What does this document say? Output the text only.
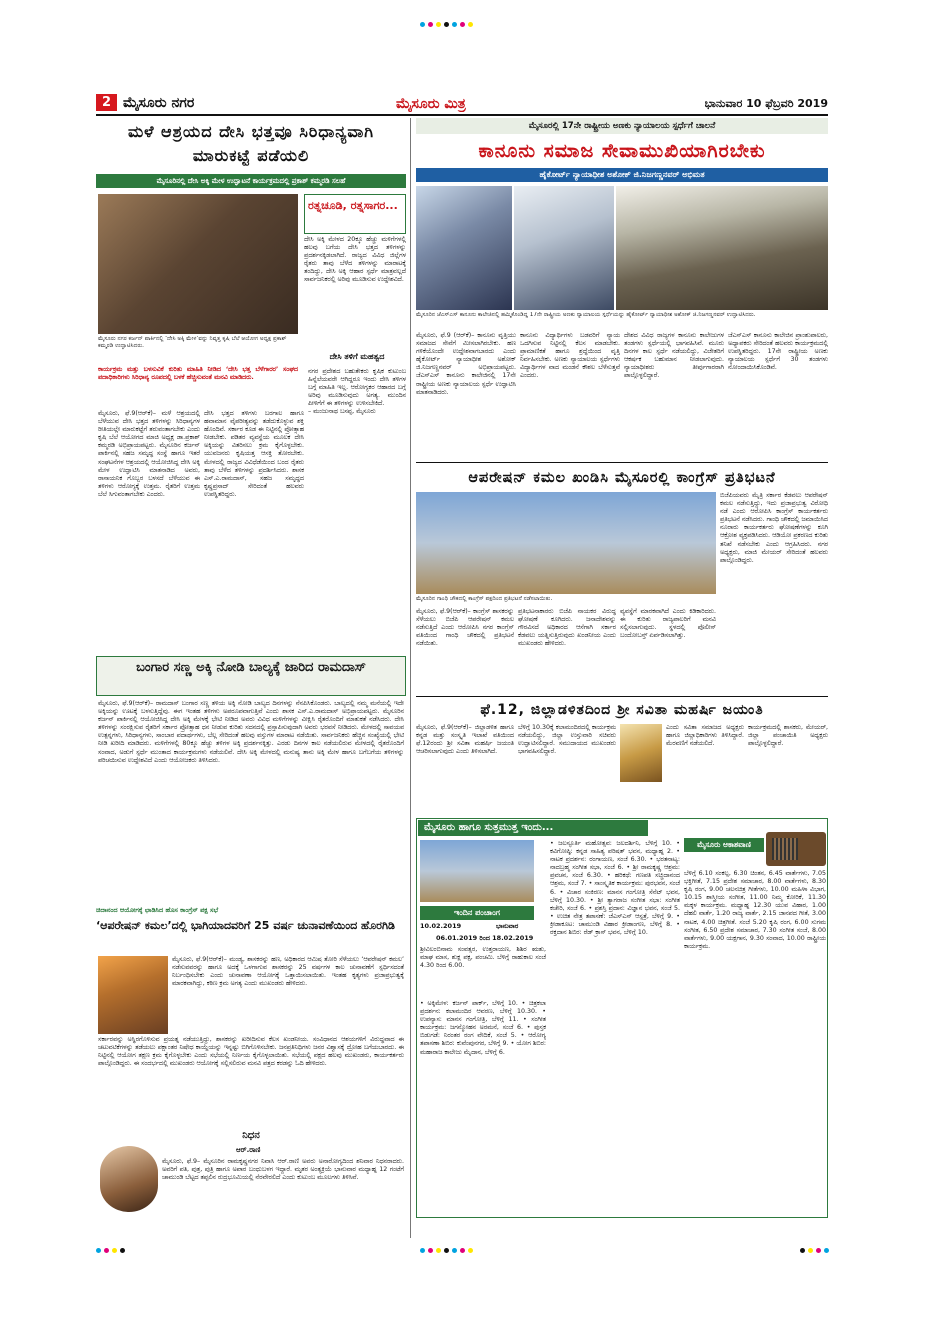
2 ಮೈಸೂರು ನಗರ	ಮೈಸೂರು ಮಿತ್ರ	ಭಾನುವಾರ 10 ಫೆಬ್ರವರಿ 2019
ಮಳೆ ಆಶ್ರಯದ ದೇಸಿ ಭತ್ತವೂ ಸಿರಿಧಾನ್ಯವಾಗಿ ಮಾರುಕಟ್ಟೆ ಪಡೆಯಲಿ
ಮೈಸೂರಿನಲ್ಲಿ ದೇಸಿ ಅಕ್ಕಿ ಮೇಳ ಉದ್ಘಾಟನೆ ಕಾರ್ಯಕ್ರಮದಲ್ಲಿ ಪ್ರಕಾಶ್ ಕಮ್ಮರಡಿ ಸಲಹೆ
ಮೈಸೂರು ನಗರ ಕರ್ಜನ್ ಪಾರ್ಕಿನಲ್ಲಿ ‘ದೇಸಿ ಅಕ್ಕಿ ಮೇಳ’ವನ್ನು ನಿವೃತ್ತ ಕೃಷಿ ಬೆಲೆ ಆಯೋಗ ಅಧ್ಯಕ್ಷ ಪ್ರಕಾಶ್ ಕಮ್ಮರಡಿ ಉದ್ಘಾಟಿಸಿದರು.
ರತ್ನಚೂಡಿ, ರತ್ನಸಾಗರ...
ದೇಸಿ ಅಕ್ಕಿ ಮೇಳದ 20ಕ್ಕೂ ಹೆಚ್ಚು ಮಳಿಗೆಗಳಲ್ಲಿ ಹಲವು ಬಗೆಯ ದೇಸಿ ಭತ್ತದ ತಳಿಗಳನ್ನು ಪ್ರದರ್ಶನಕ್ಕಿಡಲಾಗಿದೆ. ರಾಜ್ಯದ ವಿವಿಧ ಜಿಲ್ಲೆಗಳ ರೈತರು ತಾವು ಬೆಳೆದ ತಳಿಗಳನ್ನು ಮಾರಾಟಕ್ಕೆ ತಂದಿದ್ದು, ದೇಸಿ ಅಕ್ಕಿ ಆಹಾರ ಸ್ಪರ್ಧೆ ಮಾತ್ರವಲ್ಲದೆ ಸಾರ್ವಜನಿಕರಲ್ಲಿ ಅರಿವು ಮೂಡಿಸುವ ಉದ್ದೇಶವಿದೆ.
ಕಾರ್ಯಕ್ರಮ ಮತ್ತು ಬಳಸುವಿಕೆ ಕುರಿತು ಮಾಹಿತಿ ನೀಡಿದ ‘ದೇಸಿ ಭತ್ತ ಬೆಳೆಗಾರರ’ ಸಂಘದ ಪದಾಧಿಕಾರಿಗಳು ಸಿರಿಧಾನ್ಯ ರೂಪದಲ್ಲಿ ಬಳಕೆ ಹೆಚ್ಚಿಸುವಂತೆ ಮನವಿ ಮಾಡಿದರು.
ಮೈಸೂರು, ಫೆ.9(ಆರ್‌ಕೆ)– ಮಳೆ ಆಶ್ರಯದಲ್ಲಿ ಬೆಳೆಯುವ ದೇಸಿ ಭತ್ತದ ತಳಿಗಳನ್ನು ಸಿರಿಧಾನ್ಯಗಳ ರೀತಿಯಲ್ಲೇ ಮಾರುಕಟ್ಟೆಗೆ ತರುವಂತಾಗಬೇಕು ಎಂದು ಕೃಷಿ ಬೆಲೆ ಆಯೋಗದ ಮಾಜಿ ಅಧ್ಯಕ್ಷ ಡಾ.ಪ್ರಕಾಶ್ ಕಮ್ಮರಡಿ ಅಭಿಪ್ರಾಯಪಟ್ಟರು. ಮೈಸೂರಿನ ಕರ್ಜನ್ ಪಾರ್ಕಿನಲ್ಲಿ ಸಹಜ ಸಮೃದ್ಧ ಸಂಸ್ಥೆ ಹಾಗೂ ಇತರೆ ಸಂಘಟನೆಗಳ ಆಶ್ರಯದಲ್ಲಿ ಆಯೋಜಿಸಿದ್ದ ದೇಸಿ ಅಕ್ಕಿ ಮೇಳ ಉದ್ಘಾಟಿಸಿ ಮಾತನಾಡಿದ ಅವರು, ರಾಸಾಯನಿಕ ಗೊಬ್ಬರ ಬಳಸದೆ ಬೆಳೆಯುವ ಈ ತಳಿಗಳು ಆರೋಗ್ಯಕ್ಕೆ ಉತ್ತಮ. ರೈತರಿಗೆ ಉತ್ತಮ ಬೆಲೆ ಸಿಗುವಂತಾಗಬೇಕು ಎಂದರು.
ದೇಸಿ ಭತ್ತದ ತಳಿಗಳು ಬರಗಾಲ ಹಾಗೂ ಹವಾಮಾನ ವೈಪರೀತ್ಯವನ್ನು ತಡೆದುಕೊಳ್ಳುವ ಶಕ್ತಿ ಹೊಂದಿವೆ. ಸರ್ಕಾರ ಕೂಡ ಈ ನಿಟ್ಟಿನಲ್ಲಿ ಪ್ರೋತ್ಸಾಹ ನೀಡಬೇಕು. ಪಡಿತರ ವ್ಯವಸ್ಥೆಯ ಮೂಲಕ ದೇಸಿ ಅಕ್ಕಿಯನ್ನು ವಿತರಿಸಲು ಕ್ರಮ ಕೈಗೊಳ್ಳಬೇಕು. ಯುವಜನರು ಕೃಷಿಯತ್ತ ಆಸಕ್ತಿ ತೋರಬೇಕು. ಮೇಳದಲ್ಲಿ ರಾಜ್ಯದ ವಿವಿಧೆಡೆಯಿಂದ ಬಂದ ರೈತರು ತಾವು ಬೆಳೆದ ತಳಿಗಳನ್ನು ಪ್ರದರ್ಶಿಸಿದರು. ಶಾಸಕ ಎಸ್.ಎ.ರಾಮದಾಸ್, ಸಹಜ ಸಮೃದ್ಧದ ಕೃಷ್ಣಪ್ರಸಾದ್ ಸೇರಿದಂತೆ ಹಲವರು ಉಪಸ್ಥಿತರಿದ್ದರು.
ದೇಸಿ ತಳಿಗೆ ಮಹತ್ವದ
ನಗರ ಪ್ರದೇಶದ ಬಹುತೇಕರು ಕೃಷಿಕ ಕುಟುಂಬ ಹಿನ್ನೆಲೆಯವರೇ ಆಗಿದ್ದರೂ ಇಂದು ದೇಸಿ ತಳಿಗಳ ಬಗ್ಗೆ ಮಾಹಿತಿ ಇಲ್ಲ. ಆರೋಗ್ಯಕರ ಆಹಾರದ ಬಗ್ಗೆ ಅರಿವು ಮೂಡಿಸುವುದು ಅಗತ್ಯ. ಮುಂದಿನ ಪೀಳಿಗೆಗೆ ಈ ತಳಿಗಳನ್ನು ಉಳಿಸಬೇಕಿದೆ.
– ಮಂಜುನಾಥ ಬಸಪ್ಪ, ಮೈಸೂರು
ಬಂಗಾರ ಸಣ್ಣ ಅಕ್ಕಿ ನೋಡಿ ಬಾಲ್ಯಕ್ಕೆ ಜಾರಿದ ರಾಮದಾಸ್
ಮೈಸೂರು, ಫೆ.9(ಆರ್‌ಕೆ)– ರಾಮದಾಸ್ ಬಂಗಾರ ಸಣ್ಣ ತಳಿಯ ಅಕ್ಕಿ ನೋಡಿ ಬಾಲ್ಯದ ದಿನಗಳನ್ನು ನೆನಪಿಸಿಕೊಂಡರು. ಬಾಲ್ಯದಲ್ಲಿ ನಮ್ಮ ಮನೆಯಲ್ಲಿ ಇದೇ ಅಕ್ಕಿಯನ್ನು ಊಟಕ್ಕೆ ಬಳಸುತ್ತಿದ್ದೆವು. ಈಗ ಇಂತಹ ತಳಿಗಳು ಅಪರೂಪವಾಗುತ್ತಿವೆ ಎಂದು ಶಾಸಕ ಎಸ್.ಎ.ರಾಮದಾಸ್ ಅಭಿಪ್ರಾಯಪಟ್ಟರು. ಮೈಸೂರಿನ ಕರ್ಜನ್ ಪಾರ್ಕಿನಲ್ಲಿ ಆಯೋಜಿಸಿದ್ದ ದೇಸಿ ಅಕ್ಕಿ ಮೇಳಕ್ಕೆ ಭೇಟಿ ನೀಡಿದ ಅವರು ವಿವಿಧ ಮಳಿಗೆಗಳನ್ನು ವೀಕ್ಷಿಸಿ ರೈತರೊಂದಿಗೆ ಮಾತುಕತೆ ನಡೆಸಿದರು. ದೇಸಿ ತಳಿಗಳನ್ನು ಸಂರಕ್ಷಿಸುವ ರೈತರಿಗೆ ಸರ್ಕಾರ ಪ್ರೋತ್ಸಾಹ ಧನ ನೀಡುವ ಕುರಿತು ಸದನದಲ್ಲಿ ಪ್ರಸ್ತಾಪಿಸುವುದಾಗಿ ಅವರು ಭರವಸೆ ನೀಡಿದರು. ಮೇಳದಲ್ಲಿ ಸಾವಯವ ಉತ್ಪನ್ನಗಳು, ಸಿರಿಧಾನ್ಯಗಳು, ಸಾಂಬಾರ ಪದಾರ್ಥಗಳು, ಬೆಲ್ಲ ಸೇರಿದಂತೆ ಹಲವು ವಸ್ತುಗಳ ಮಾರಾಟ ನಡೆಯಿತು. ಸಾರ್ವಜನಿಕರು ಹೆಚ್ಚಿನ ಸಂಖ್ಯೆಯಲ್ಲಿ ಭೇಟಿ ನೀಡಿ ಖರೀದಿ ಮಾಡಿದರು. ಮಳಿಗೆಗಳಲ್ಲಿ 80ಕ್ಕೂ ಹೆಚ್ಚು ತಳಿಗಳ ಅಕ್ಕಿ ಪ್ರದರ್ಶನಕ್ಕಿತ್ತು. ಎರಡು ದಿನಗಳ ಕಾಲ ನಡೆಯಲಿರುವ ಮೇಳದಲ್ಲಿ ರೈತರೊಂದಿಗೆ ಸಂವಾದ, ಅಡುಗೆ ಸ್ಪರ್ಧೆ ಮುಂತಾದ ಕಾರ್ಯಕ್ರಮಗಳು ನಡೆಯಲಿವೆ. ದೇಸಿ ಅಕ್ಕಿ ಮೇಳದಲ್ಲಿ ಮನುಷ್ಯ ತಾನು ಅಕ್ಕಿ ಮೇಳ ಹಾಗೂ ಬಗೆಬಗೆಯ ತಳಿಗಳನ್ನು ಪರಿಚಯಿಸುವ ಉದ್ದೇಶವಿದೆ ಎಂದು ಆಯೋಜಕರು ತಿಳಿಸಿದರು.
ಚಿದಾನಂದ ಆಯೋಗಕ್ಕೆ ಛಾಡಿಸಿದ ಹೊಸ ಕಾಂಗ್ರೆಸ್ ಪಕ್ಷ ಸಭೆ
‘ಆಪರೇಷನ್ ಕಮಲ’ದಲ್ಲಿ ಭಾಗಿಯಾದವರಿಗೆ 25 ವರ್ಷ ಚುನಾವಣೆಯಿಂದ ಹೊರಗಿಡಿ
ಮೈಸೂರು, ಫೆ.9(ಆರ್‌ಕೆ)– ಮಂಡ್ಯ, ಶಾಸಕರನ್ನು ಹಣ, ಅಧಿಕಾರದ ಆಮಿಷ ತೋರಿ ಸೆಳೆಯಲು ‘ಆಪರೇಷನ್ ಕಮಲ’ ನಡೆಸುವವರನ್ನು ಹಾಗೂ ಅದಕ್ಕೆ ಒಳಗಾಗುವ ಶಾಸಕರನ್ನು 25 ವರ್ಷಗಳ ಕಾಲ ಚುನಾವಣೆಗೆ ಸ್ಪರ್ಧಿಸದಂತೆ ನಿರ್ಬಂಧಿಸಬೇಕು ಎಂದು ಚುನಾವಣಾ ಆಯೋಗಕ್ಕೆ ಒತ್ತಾಯಿಸಲಾಯಿತು. ಇಂತಹ ಕೃತ್ಯಗಳು ಪ್ರಜಾಪ್ರಭುತ್ವಕ್ಕೆ ಮಾರಕವಾಗಿದ್ದು, ಕಠಿಣ ಕ್ರಮ ಅಗತ್ಯ ಎಂದು ಮುಖಂಡರು ಹೇಳಿದರು.
ಸರ್ಕಾರವನ್ನು ಅಸ್ಥಿರಗೊಳಿಸುವ ಪ್ರಯತ್ನ ನಡೆಯುತ್ತಿದ್ದು, ಶಾಸಕರನ್ನು ಖರೀದಿಸುವ ಕೆಲಸ ಖಂಡನೀಯ. ಸಂವಿಧಾನದ ಆಶಯಗಳಿಗೆ ವಿರುದ್ಧವಾದ ಈ ಚಟುವಟಿಕೆಗಳನ್ನು ತಡೆಯಲು ಪಕ್ಷಾಂತರ ನಿಷೇಧ ಕಾಯ್ದೆಯನ್ನು ಇನ್ನಷ್ಟು ಬಿಗಿಗೊಳಿಸಬೇಕು. ಜನಪ್ರತಿನಿಧಿಗಳು ಜನರ ವಿಶ್ವಾಸಕ್ಕೆ ದ್ರೋಹ ಬಗೆಯಬಾರದು. ಈ ನಿಟ್ಟಿನಲ್ಲಿ ಆಯೋಗ ತಕ್ಷಣ ಕ್ರಮ ಕೈಗೊಳ್ಳಬೇಕು ಎಂದು ಸಭೆಯಲ್ಲಿ ನಿರ್ಣಯ ಕೈಗೊಳ್ಳಲಾಯಿತು. ಸಭೆಯಲ್ಲಿ ಪಕ್ಷದ ಹಲವು ಮುಖಂಡರು, ಕಾರ್ಯಕರ್ತರು ಪಾಲ್ಗೊಂಡಿದ್ದರು. ಈ ಸಂದರ್ಭದಲ್ಲಿ ಮುಖಂಡರು ಆಯೋಗಕ್ಕೆ ಸಲ್ಲಿಸಲಿರುವ ಮನವಿ ಪತ್ರದ ಕರಡನ್ನು ಓದಿ ಹೇಳಿದರು.
ನಿಧನ
ಆರ್.ರಾಣಿ
ಮೈಸೂರು, ಫೆ.9– ಮೈಸೂರಿನ ರಾಮಕೃಷ್ಣನಗರ ನಿವಾಸಿ ಆರ್.ರಾಣಿ ಅವರು ಅನಾರೋಗ್ಯದಿಂದ ಶನಿವಾರ ನಿಧನರಾದರು. ಅವರಿಗೆ ಪತಿ, ಪುತ್ರ, ಪುತ್ರಿ ಹಾಗೂ ಅಪಾರ ಬಂಧುಬಳಗ ಇದ್ದಾರೆ. ಮೃತರ ಅಂತ್ಯಕ್ರಿಯೆ ಭಾನುವಾರ ಮಧ್ಯಾಹ್ನ 12 ಗಂಟೆಗೆ ಚಾಮುಂಡಿ ಬೆಟ್ಟದ ತಪ್ಪಲಿನ ರುದ್ರಭೂಮಿಯಲ್ಲಿ ನೆರವೇರಲಿದೆ ಎಂದು ಕುಟುಂಬ ಮೂಲಗಳು ತಿಳಿಸಿವೆ.
ಮೈಸೂರಲ್ಲಿ 17ನೇ ರಾಷ್ಟ್ರೀಯ ಅಣಕು ನ್ಯಾಯಾಲಯ ಸ್ಪರ್ಧೆಗೆ ಚಾಲನೆ
ಕಾನೂನು ಸಮಾಜ ಸೇವಾಮುಖಿಯಾಗಿರಬೇಕು
ಹೈಕೋರ್ಟ್ ನ್ಯಾಯಾಧೀಶ ಅಶೋಕ್ ಜಿ.ನಿಜಗಣ್ಣನವರ್ ಅಭಿಮತ
ಮೈಸೂರಿನ ಜೆಎಸ್‌ಎಸ್ ಕಾನೂನು ಕಾಲೇಜಿನಲ್ಲಿ ಹಮ್ಮಿಕೊಂಡಿದ್ದ 17ನೇ ರಾಷ್ಟ್ರೀಯ ಅಣಕು ನ್ಯಾಯಾಲಯ ಸ್ಪರ್ಧೆಯನ್ನು ಹೈಕೋರ್ಟ್ ನ್ಯಾಯಾಧೀಶ ಅಶೋಕ್ ಜಿ.ನಿಜಗಣ್ಣನವರ್ ಉದ್ಘಾಟಿಸಿದರು.
ಮೈಸೂರು, ಫೆ.9 (ಆರ್‌ಕೆ)– ಕಾನೂನು ವೃತ್ತಿಯು ಸಮಾಜದ ಸೇವೆಗೆ ಮೀಸಲಾಗಿರಬೇಕು. ಹಣ ಗಳಿಕೆಯೊಂದೇ ಉದ್ದೇಶವಾಗಬಾರದು ಎಂದು ಹೈಕೋರ್ಟ್ ನ್ಯಾಯಾಧೀಶ ಅಶೋಕ್ ಜಿ.ನಿಜಗಣ್ಣನವರ್ ಅಭಿಪ್ರಾಯಪಟ್ಟರು. ಜೆಎಸ್‌ಎಸ್ ಕಾನೂನು ಕಾಲೇಜಿನಲ್ಲಿ 17ನೇ ರಾಷ್ಟ್ರೀಯ ಅಣಕು ನ್ಯಾಯಾಲಯ ಸ್ಪರ್ಧೆ ಉದ್ಘಾಟಿಸಿ ಮಾತನಾಡಿದರು.
ಕಾನೂನು ವಿದ್ಯಾರ್ಥಿಗಳು ಬಡವರಿಗೆ ನ್ಯಾಯ ಒದಗಿಸುವ ನಿಟ್ಟಿನಲ್ಲಿ ಕೆಲಸ ಮಾಡಬೇಕು. ಪ್ರಾಮಾಣಿಕತೆ ಹಾಗೂ ಶ್ರದ್ಧೆಯಿಂದ ವೃತ್ತಿ ನಿರ್ವಹಿಸಬೇಕು. ಅಣಕು ನ್ಯಾಯಾಲಯ ಸ್ಪರ್ಧೆಗಳು ವಿದ್ಯಾರ್ಥಿಗಳ ವಾದ ಮಂಡನೆ ಕೌಶಲ ಬೆಳೆಸುತ್ತವೆ ಎಂದರು.
ದೇಶದ ವಿವಿಧ ರಾಜ್ಯಗಳ ಕಾನೂನು ಕಾಲೇಜುಗಳ ತಂಡಗಳು ಸ್ಪರ್ಧೆಯಲ್ಲಿ ಭಾಗವಹಿಸಿವೆ. ಮೂರು ದಿನಗಳ ಕಾಲ ಸ್ಪರ್ಧೆ ನಡೆಯಲಿದ್ದು, ವಿಜೇತರಿಗೆ ಆಕರ್ಷಕ ಬಹುಮಾನ ನೀಡಲಾಗುವುದು. ನ್ಯಾಯಾಧೀಶರು ತೀರ್ಪುಗಾರರಾಗಿ ಪಾಲ್ಗೊಳ್ಳಲಿದ್ದಾರೆ.
ಜೆಎಸ್‌ಎಸ್ ಕಾನೂನು ಕಾಲೇಜಿನ ಪ್ರಾಂಶುಪಾಲರು, ಅಧ್ಯಾಪಕರು ಸೇರಿದಂತೆ ಹಲವರು ಕಾರ್ಯಕ್ರಮದಲ್ಲಿ ಉಪಸ್ಥಿತರಿದ್ದರು. 17ನೇ ರಾಷ್ಟ್ರೀಯ ಅಣಕು ನ್ಯಾಯಾಲಯ ಸ್ಪರ್ಧೆಗೆ 30 ತಂಡಗಳು ನೋಂದಾಯಿಸಿಕೊಂಡಿವೆ.
ಆಪರೇಷನ್ ಕಮಲ ಖಂಡಿಸಿ ಮೈಸೂರಲ್ಲಿ ಕಾಂಗ್ರೆಸ್ ಪ್ರತಿಭಟನೆ
ಮೈಸೂರಿನ ಗಾಂಧಿ ಚೌಕದಲ್ಲಿ ಕಾಂಗ್ರೆಸ್ ಪಕ್ಷದಿಂದ ಪ್ರತಿಭಟನೆ ನಡೆಸಲಾಯಿತು.
ಬಿಜೆಪಿಯವರು ಮೈತ್ರಿ ಸರ್ಕಾರ ಕೆಡವಲು ಆಪರೇಷನ್ ಕಮಲ ನಡೆಸುತ್ತಿದ್ದು, ಇದು ಪ್ರಜಾಪ್ರಭುತ್ವ ವಿರೋಧಿ ನಡೆ ಎಂದು ಆರೋಪಿಸಿ ಕಾಂಗ್ರೆಸ್ ಕಾರ್ಯಕರ್ತರು ಪ್ರತಿಭಟನೆ ನಡೆಸಿದರು. ಗಾಂಧಿ ಚೌಕದಲ್ಲಿ ಜಮಾಯಿಸಿದ ನೂರಾರು ಕಾರ್ಯಕರ್ತರು ಘೋಷಣೆಗಳನ್ನು ಕೂಗಿ ಆಕ್ರೋಶ ವ್ಯಕ್ತಪಡಿಸಿದರು. ಆಡಿಯೋ ಪ್ರಕರಣದ ಕುರಿತು ತನಿಖೆ ನಡೆಸಬೇಕು ಎಂದು ಆಗ್ರಹಿಸಿದರು. ನಗರ ಅಧ್ಯಕ್ಷರು, ಮಾಜಿ ಮೇಯರ್ ಸೇರಿದಂತೆ ಹಲವರು ಪಾಲ್ಗೊಂಡಿದ್ದರು.
ಮೈಸೂರು, ಫೆ.9(ಆರ್‌ಕೆ)– ಕಾಂಗ್ರೆಸ್ ಶಾಸಕರನ್ನು ಸೆಳೆಯಲು ಬಿಜೆಪಿ ಆಪರೇಷನ್ ಕಮಲ ನಡೆಸುತ್ತಿದೆ ಎಂದು ಆರೋಪಿಸಿ ನಗರ ಕಾಂಗ್ರೆಸ್ ವತಿಯಿಂದ ಗಾಂಧಿ ಚೌಕದಲ್ಲಿ ಪ್ರತಿಭಟನೆ ನಡೆಯಿತು.
ಪ್ರತಿಭಟನಾಕಾರರು ಬಿಜೆಪಿ ನಾಯಕರ ವಿರುದ್ಧ ಘೋಷಣೆ ಕೂಗಿದರು. ಜನಾದೇಶವನ್ನು ಗೌರವಿಸದೆ ಅಧಿಕಾರದ ಆಸೆಗಾಗಿ ಸರ್ಕಾರ ಕೆಡವಲು ಯತ್ನಿಸುತ್ತಿರುವುದು ಖಂಡನೀಯ ಎಂದು ಮುಖಂಡರು ಹೇಳಿದರು.
ವ್ಯವಸ್ಥೆಗೆ ಮಾರಕವಾಗಿದೆ ಎಂದು ಕಿಡಿಕಾರಿದರು. ಈ ಕುರಿತು ರಾಜ್ಯಪಾಲರಿಗೆ ಮನವಿ ಸಲ್ಲಿಸಲಾಗುವುದು. ಸ್ಥಳದಲ್ಲಿ ಪೊಲೀಸ್ ಬಂದೋಬಸ್ತ್ ಏರ್ಪಡಿಸಲಾಗಿತ್ತು.
ಫೆ.12, ಜಿಲ್ಲಾಡಳಿತದಿಂದ ಶ್ರೀ ಸವಿತಾ ಮಹರ್ಷಿ ಜಯಂತಿ
ಮೈಸೂರು, ಫೆ.9(ಆರ್‌ಕೆ)– ಜಿಲ್ಲಾಡಳಿತ ಹಾಗೂ ಕನ್ನಡ ಮತ್ತು ಸಂಸ್ಕೃತಿ ಇಲಾಖೆ ವತಿಯಿಂದ ಫೆ.12ರಂದು ಶ್ರೀ ಸವಿತಾ ಮಹರ್ಷಿ ಜಯಂತಿ ಆಚರಿಸಲಾಗುವುದು ಎಂದು ತಿಳಿಸಲಾಗಿದೆ.
ಬೆಳಿಗ್ಗೆ 10.30ಕ್ಕೆ ಕಲಾಮಂದಿರದಲ್ಲಿ ಕಾರ್ಯಕ್ರಮ ನಡೆಯಲಿದ್ದು, ಜಿಲ್ಲಾ ಉಸ್ತುವಾರಿ ಸಚಿವರು ಉದ್ಘಾಟಿಸಲಿದ್ದಾರೆ. ಸಮುದಾಯದ ಮುಖಂಡರು ಭಾಗವಹಿಸಲಿದ್ದಾರೆ.
ಎಂದು ಸವಿತಾ ಸಮಾಜದ ಅಧ್ಯಕ್ಷರು ಹಾಗೂ ಜಿಲ್ಲಾಧಿಕಾರಿಗಳು ತಿಳಿಸಿದ್ದಾರೆ. ಮೆರವಣಿಗೆ ನಡೆಯಲಿದೆ.
ಕಾರ್ಯಕ್ರಮದಲ್ಲಿ ಶಾಸಕರು, ಮೇಯರ್, ಜಿಲ್ಲಾ ಪಂಚಾಯಿತಿ ಅಧ್ಯಕ್ಷರು ಪಾಲ್ಗೊಳ್ಳಲಿದ್ದಾರೆ.
ಮೈಸೂರು ಹಾಗೂ ಸುತ್ತಮುತ್ತ ಇಂದು...
ಇಂದಿನ ಪಂಚಾಂಗ
10.02.2019	ಭಾನುವಾರ
06.01.2019 ರಿಂದ 18.02.2019
ಶ್ರೀವಿಲಂಬಿನಾಮ ಸಂವತ್ಸರ, ಉತ್ತರಾಯಣ, ಶಿಶಿರ ಋತು, ಮಾಘ ಮಾಸ, ಶುಕ್ಲ ಪಕ್ಷ, ಪಂಚಮಿ. ಬೆಳಿಗ್ಗೆ ರಾಹುಕಾಲ ಸಂಜೆ 4.30 ರಿಂದ 6.00.
• ಅಕ್ಕಿಮೇಳ: ಕರ್ಜನ್ ಪಾರ್ಕ್, ಬೆಳಿಗ್ಗೆ 10. • ಚಿತ್ರಕಲಾ ಪ್ರದರ್ಶನ: ಕಲಾಮಂದಿರ ಆವರಣ, ಬೆಳಿಗ್ಗೆ 10.30. • ಉಪನ್ಯಾಸ: ಮಾನಸ ಗಂಗೋತ್ರಿ, ಬೆಳಿಗ್ಗೆ 11. • ಸಂಗೀತ ಕಾರ್ಯಕ್ರಮ: ಜಗನ್ಮೋಹನ ಅರಮನೆ, ಸಂಜೆ 6. • ಪುಸ್ತಕ ಬಿಡುಗಡೆ: ನಿರಂತರ ರಂಗ ವೇದಿಕೆ, ಸಂಜೆ 5. • ಆರೋಗ್ಯ ತಪಾಸಣಾ ಶಿಬಿರ: ಕುವೆಂಪುನಗರ, ಬೆಳಿಗ್ಗೆ 9. • ಯೋಗ ಶಿಬಿರ: ಮಹಾರಾಜ ಕಾಲೇಜು ಮೈದಾನ, ಬೆಳಿಗ್ಗೆ 6.
• ಜಲಸ್ಫೂರ್ತಿ ಮಹೋತ್ಸವ: ಜಲದರ್ಶಿನಿ, ಬೆಳಿಗ್ಗೆ 10. • ಕವಿಗೋಷ್ಠಿ: ಕನ್ನಡ ಸಾಹಿತ್ಯ ಪರಿಷತ್ ಭವನ, ಮಧ್ಯಾಹ್ನ 2. • ನಾಟಕ ಪ್ರದರ್ಶನ: ರಂಗಾಯಣ, ಸಂಜೆ 6.30. • ಭರತನಾಟ್ಯ: ನಾದಬ್ರಹ್ಮ ಸಂಗೀತ ಸಭಾ, ಸಂಜೆ 6. • ಶ್ರೀ ರಾಮಕೃಷ್ಣ ಆಶ್ರಮ: ಪ್ರವಚನ, ಸಂಜೆ 6.30. • ಹರಿಕಥೆ: ಗಣಪತಿ ಸಚ್ಚಿದಾನಂದ ಆಶ್ರಮ, ಸಂಜೆ 7. • ಸಾಂಸ್ಕೃತಿಕ ಕಾರ್ಯಕ್ರಮ: ಪುರಭವನ, ಸಂಜೆ 6. • ವಿಚಾರ ಸಂಕಿರಣ: ಮಾನಸ ಗಂಗೋತ್ರಿ ಸೆನೆಟ್ ಭವನ, ಬೆಳಿಗ್ಗೆ 10.30. • ಶ್ರೀ ತ್ಯಾಗರಾಜ ಸಂಗೀತ ಸಭಾ: ಸಂಗೀತ ಕಚೇರಿ, ಸಂಜೆ 6. • ಪ್ರಶಸ್ತಿ ಪ್ರದಾನ: ವಿಜ್ಞಾನ ಭವನ, ಸಂಜೆ 5. • ಉಚಿತ ನೇತ್ರ ತಪಾಸಣೆ: ಜೆಎಸ್‌ಎಸ್ ಆಸ್ಪತ್ರೆ, ಬೆಳಿಗ್ಗೆ 9. • ಕ್ರೀಡಾಕೂಟ: ಚಾಮುಂಡಿ ವಿಹಾರ ಕ್ರೀಡಾಂಗಣ, ಬೆಳಿಗ್ಗೆ 8. • ರಕ್ತದಾನ ಶಿಬಿರ: ರೆಡ್ ಕ್ರಾಸ್ ಭವನ, ಬೆಳಿಗ್ಗೆ 10.
ಮೈಸೂರು ಆಕಾಶವಾಣಿ
ಬೆಳಿಗ್ಗೆ 6.10 ಸಂಕಲ್ಪ, 6.30 ಚಿಂತನ, 6.45 ವಾರ್ತೆಗಳು, 7.05 ಭಕ್ತಿಗೀತೆ, 7.15 ಪ್ರದೇಶ ಸಮಾಚಾರ, 8.00 ವಾರ್ತೆಗಳು, 8.30 ಕೃಷಿ ರಂಗ, 9.00 ಚಲನಚಿತ್ರ ಗೀತೆಗಳು, 10.00 ಮಹಿಳಾ ವಿಭಾಗ, 10.15 ಶಾಸ್ತ್ರೀಯ ಸಂಗೀತ, 11.00 ನಿಮ್ಮ ಕೋರಿಕೆ, 11.30 ಮಕ್ಕಳ ಕಾರ್ಯಕ್ರಮ. ಮಧ್ಯಾಹ್ನ 12.30 ಯುವ ವಿಹಾರ, 1.00 ದೆಹಲಿ ವಾರ್ತೆ, 1.20 ರಾಜ್ಯ ವಾರ್ತೆ, 2.15 ಜಾನಪದ ಗೀತೆ, 3.00 ನಾಟಕ, 4.00 ಚಿತ್ರಗೀತೆ. ಸಂಜೆ 5.20 ಕೃಷಿ ರಂಗ, 6.00 ಸುಗಮ ಸಂಗೀತ, 6.50 ಪ್ರದೇಶ ಸಮಾಚಾರ, 7.30 ಸಂಗೀತ ಸಂಜೆ, 8.00 ವಾರ್ತೆಗಳು, 9.00 ಯಕ್ಷಗಾನ, 9.30 ಸಂವಾದ, 10.00 ರಾಷ್ಟ್ರೀಯ ಕಾರ್ಯಕ್ರಮ.
